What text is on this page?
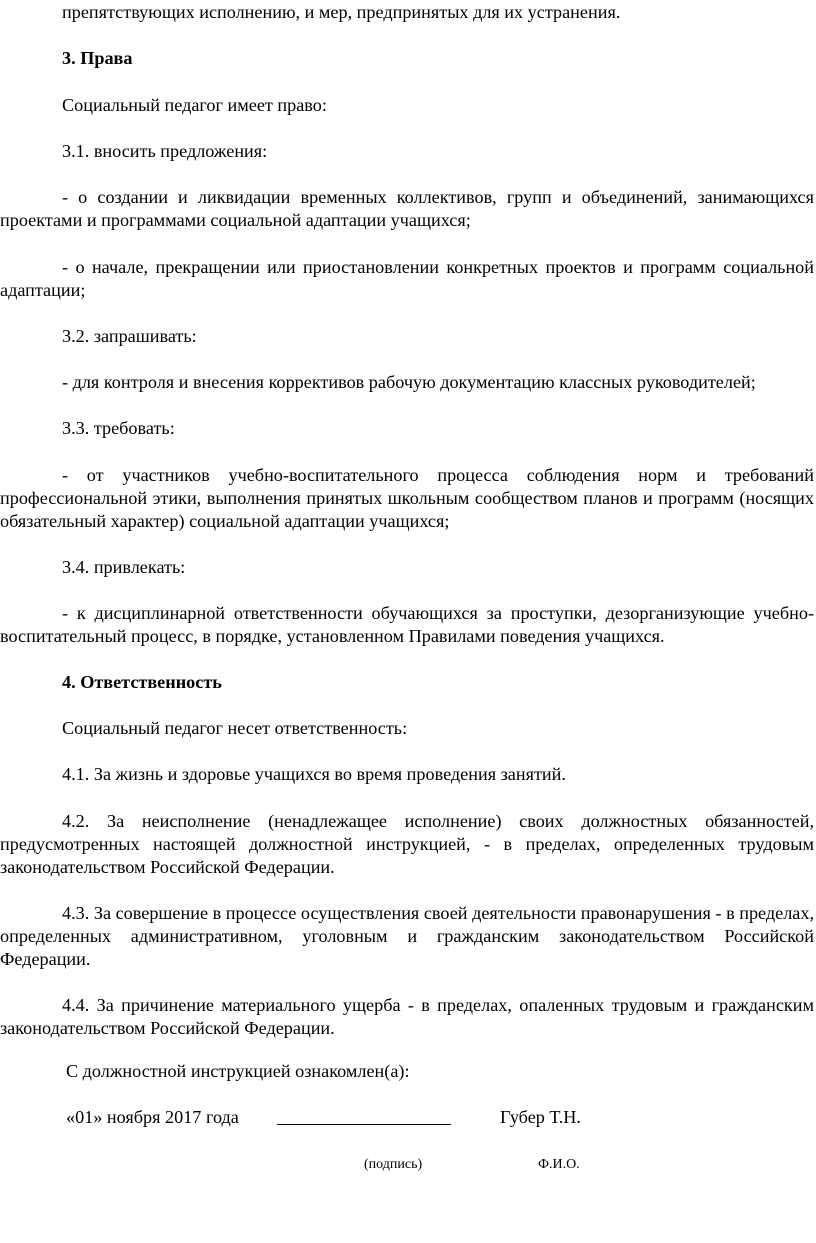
препятствующих исполнению, и мер, предпринятых для их устранения.

3. Права

Социальный педагог имеет право:

3.1. вносить предложения:

- о создании и ликвидации временных коллективов, групп и объединений, занимающихся проектами и программами социальной адаптации учащихся;

- о начале, прекращении или приостановлении конкретных проектов и программ социальной адаптации;

3.2. запрашивать:

- для контроля и внесения коррективов рабочую документацию классных руководителей;

3.3. требовать:

- от участников учебно-воспитательного процесса соблюдения норм и требований профессиональной этики, выполнения принятых школьным сообществом планов и программ (носящих обязательный характер) социальной адаптации учащихся;

3.4. привлекать:

- к дисциплинарной ответственности обучающихся за проступки, дезорганизующие учебно-воспитательный процесс, в порядке, установленном Правилами поведения учащихся.

4. Ответственность

Социальный педагог несет ответственность:

4.1. За жизнь и здоровье учащихся во время проведения занятий.

4.2. За неисполнение (ненадлежащее исполнение) своих должностных обязанностей, предусмотренных настоящей должностной инструкцией, - в пределах, определенных трудовым законодательством Российской Федерации.

4.3. За совершение в процессе осуществления своей деятельности правонарушения - в пределах, определенных административном, уголовным и гражданским законодательством Российской Федерации.

4.4. За причинение материального ущерба - в пределах, опаленных трудовым и гражданским законодательством Российской Федерации.

С должностной инструкцией ознакомлен(а):

«01» ноября 2017 года	Губер Т.Н.
(подпись)	Ф.И.О.
